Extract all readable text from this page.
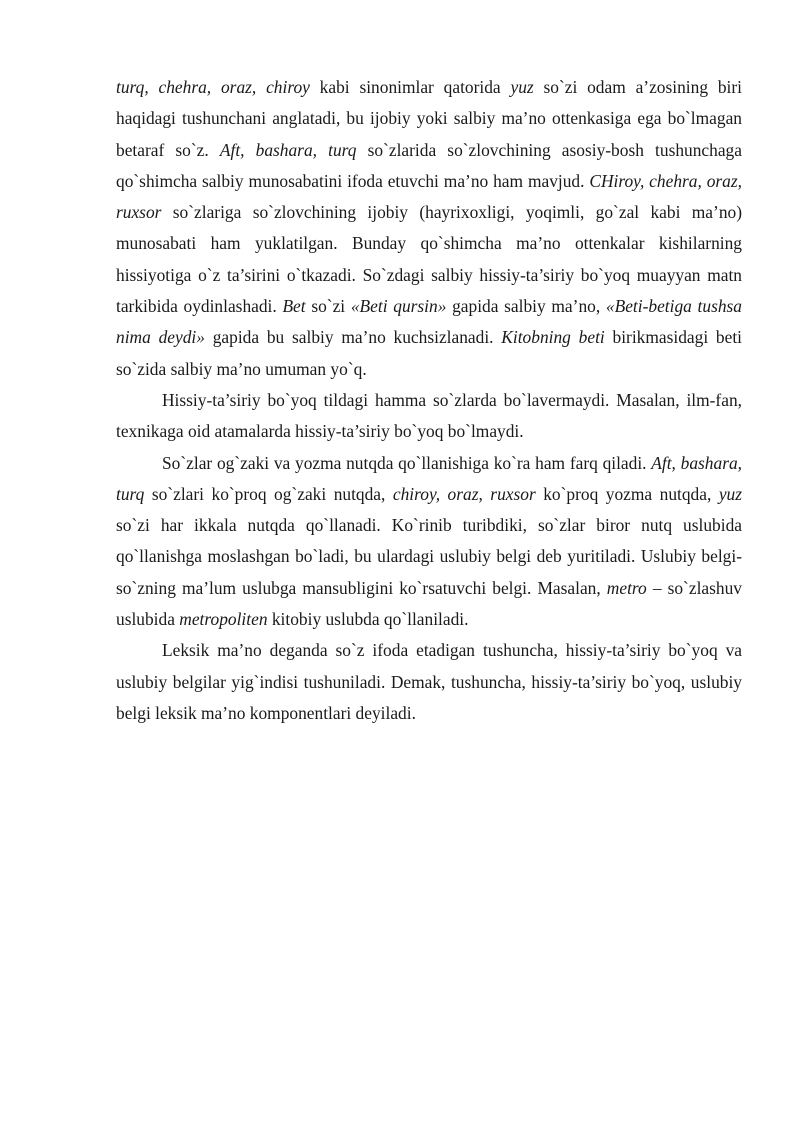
turq, chehra, oraz, chiroy kabi sinonimlar qatorida yuz so`zi odam a’zosining biri haqidagi tushunchani anglatadi, bu ijobiy yoki salbiy ma’no ottenkasiga ega bo`lmagan betaraf so`z. Aft, bashara, turq so`zlarida so`zlovchining asosiy-bosh tushunchaga qo`shimcha salbiy munosabatini ifoda etuvchi ma’no ham mavjud. CHiroy, chehra, oraz, ruxsor so`zlariga so`zlovchining ijobiy (hayrixoxligi, yoqimli, go`zal kabi ma’no) munosabati ham yuklatilgan. Bunday qo`shimcha ma’no ottenkalar kishilarning hissiyotiga o`z ta’sirini o`tkazadi. So`zdagi salbiy hissiy-ta’siriy bo`yoq muayyan matn tarkibida oydinlashadi. Bet so`zi «Beti qursin» gapida salbiy ma’no, «Beti-betiga tushsa nima deydi» gapida bu salbiy ma’no kuchsizlanadi. Kitobning beti birikmasidagi beti so`zida salbiy ma’no umuman yo`q.

Hissiy-ta’siriy bo`yoq tildagi hamma so`zlarda bo`lavermaydi. Masalan, ilm-fan, texnikaga oid atamalarda hissiy-ta’siriy bo`yoq bo`lmaydi.

So`zlar og`zaki va yozma nutqda qo`llanishiga ko`ra ham farq qiladi. Aft, bashara, turq so`zlari ko`proq og`zaki nutqda, chiroy, oraz, ruxsor ko`proq yozma nutqda, yuz so`zi har ikkala nutqda qo`llanadi. Ko`rinib turibdiki, so`zlar biror nutq uslubida qo`llanishga moslashgan bo`ladi, bu ulardagi uslubiy belgi deb yuritiladi. Uslubiy belgi-so`zning ma’lum uslubga mansubligini ko`rsatuvchi belgi. Masalan, metro – so`zlashuv uslubida metropoliten kitobiy uslubda qo`llaniladi.

Leksik ma’no deganda so`z ifoda etadigan tushuncha, hissiy-ta’siriy bo`yoq va uslubiy belgilar yig`indisi tushuniladi. Demak, tushuncha, hissiy-ta’siriy bo`yoq, uslubiy belgi leksik ma’no komponentlari deyiladi.
